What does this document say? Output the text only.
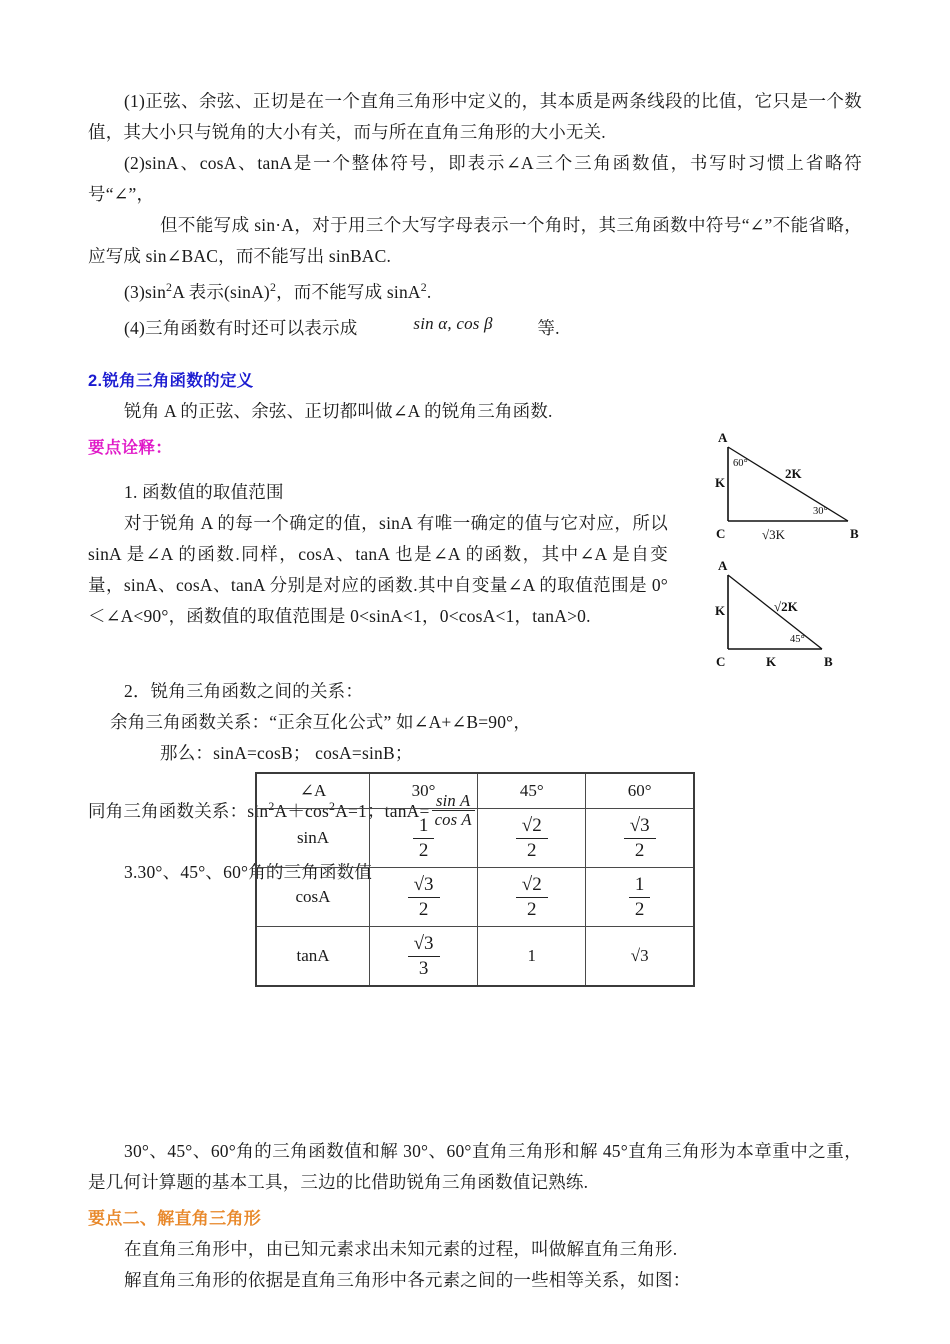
(1)正弦、余弦、正切是在一个直角三角形中定义的，其本质是两条线段的比值，它只是一个数值，其大小只与锐角的大小有关，而与所在直角三角形的大小无关.

(2)sinA、cosA、tanA是一个整体符号，即表示∠A三个三角函数值，书写时习惯上省略符号“∠”，

但不能写成 sin·A，对于用三个大写字母表示一个角时，其三角函数中符号“∠”不能省略，应写成 sin∠BAC，而不能写出 sinBAC.

$(3)\sin^2A$ 表示$(\sin A)^2$，而不能写成 sinA$^2$.

(4)三角函数有时还可以表示成	sin α, cos β	等.

2.锐角三角函数的定义

锐角 A 的正弦、余弦、正切都叫做∠A 的锐角三角函数.

要点诠释：

1. 函数值的取值范围

对于锐角 A 的每一个确定的值，sinA 有唯一确定的值与它对应，所以 sinA 是∠A 的函数.同样，cosA、tanA 也是∠A 的函数，其中∠A 是自变量，sinA、cosA、tanA 分别是对应的函数.其中自变量∠A 的取值范围是 0°＜∠A<90°，函数值的取值范围是 0<sinA<1，0<cosA<1，tanA>0.

2．锐角三角函数之间的关系：

余角三角函数关系：“正余互化公式” 如∠A+∠B=90°，

那么：sinA=cosB； cosA=sinB；

同角三角函数关系：$\sin^2A+\cos^2A=1$；$\tan A= \frac{\text{sin A}}{\text{cos A}}$

3.30°、45°、60°角的三角函数值

30°、45°、60°角的三角函数值和解 30°、60°直角三角形和解 45°直角三角形为本章重中之重，是几何计算题的基本工具，三边的比借助锐角三角函数值记熟练.

要点二、解直角三角形

在直角三角形中，由已知元素求出未知元素的过程，叫做解直角三角形.

解直角三角形的依据是直角三角形中各元素之间的一些相等关系，如图：

∠A	30°	45°	60°
sinA	$\frac{1}{2}$	$\frac{√2}{2}$	$\frac{√3}{2}$

cosA	$\frac{√3}{2}$	$\frac{√2}{2}$	$\frac{1}{2}$

tanA	$\frac{√3}{3}$	1	√3
A
C	B
60°
30°
K
2K
√3K
A
C	B
45°
K
K
√2K
